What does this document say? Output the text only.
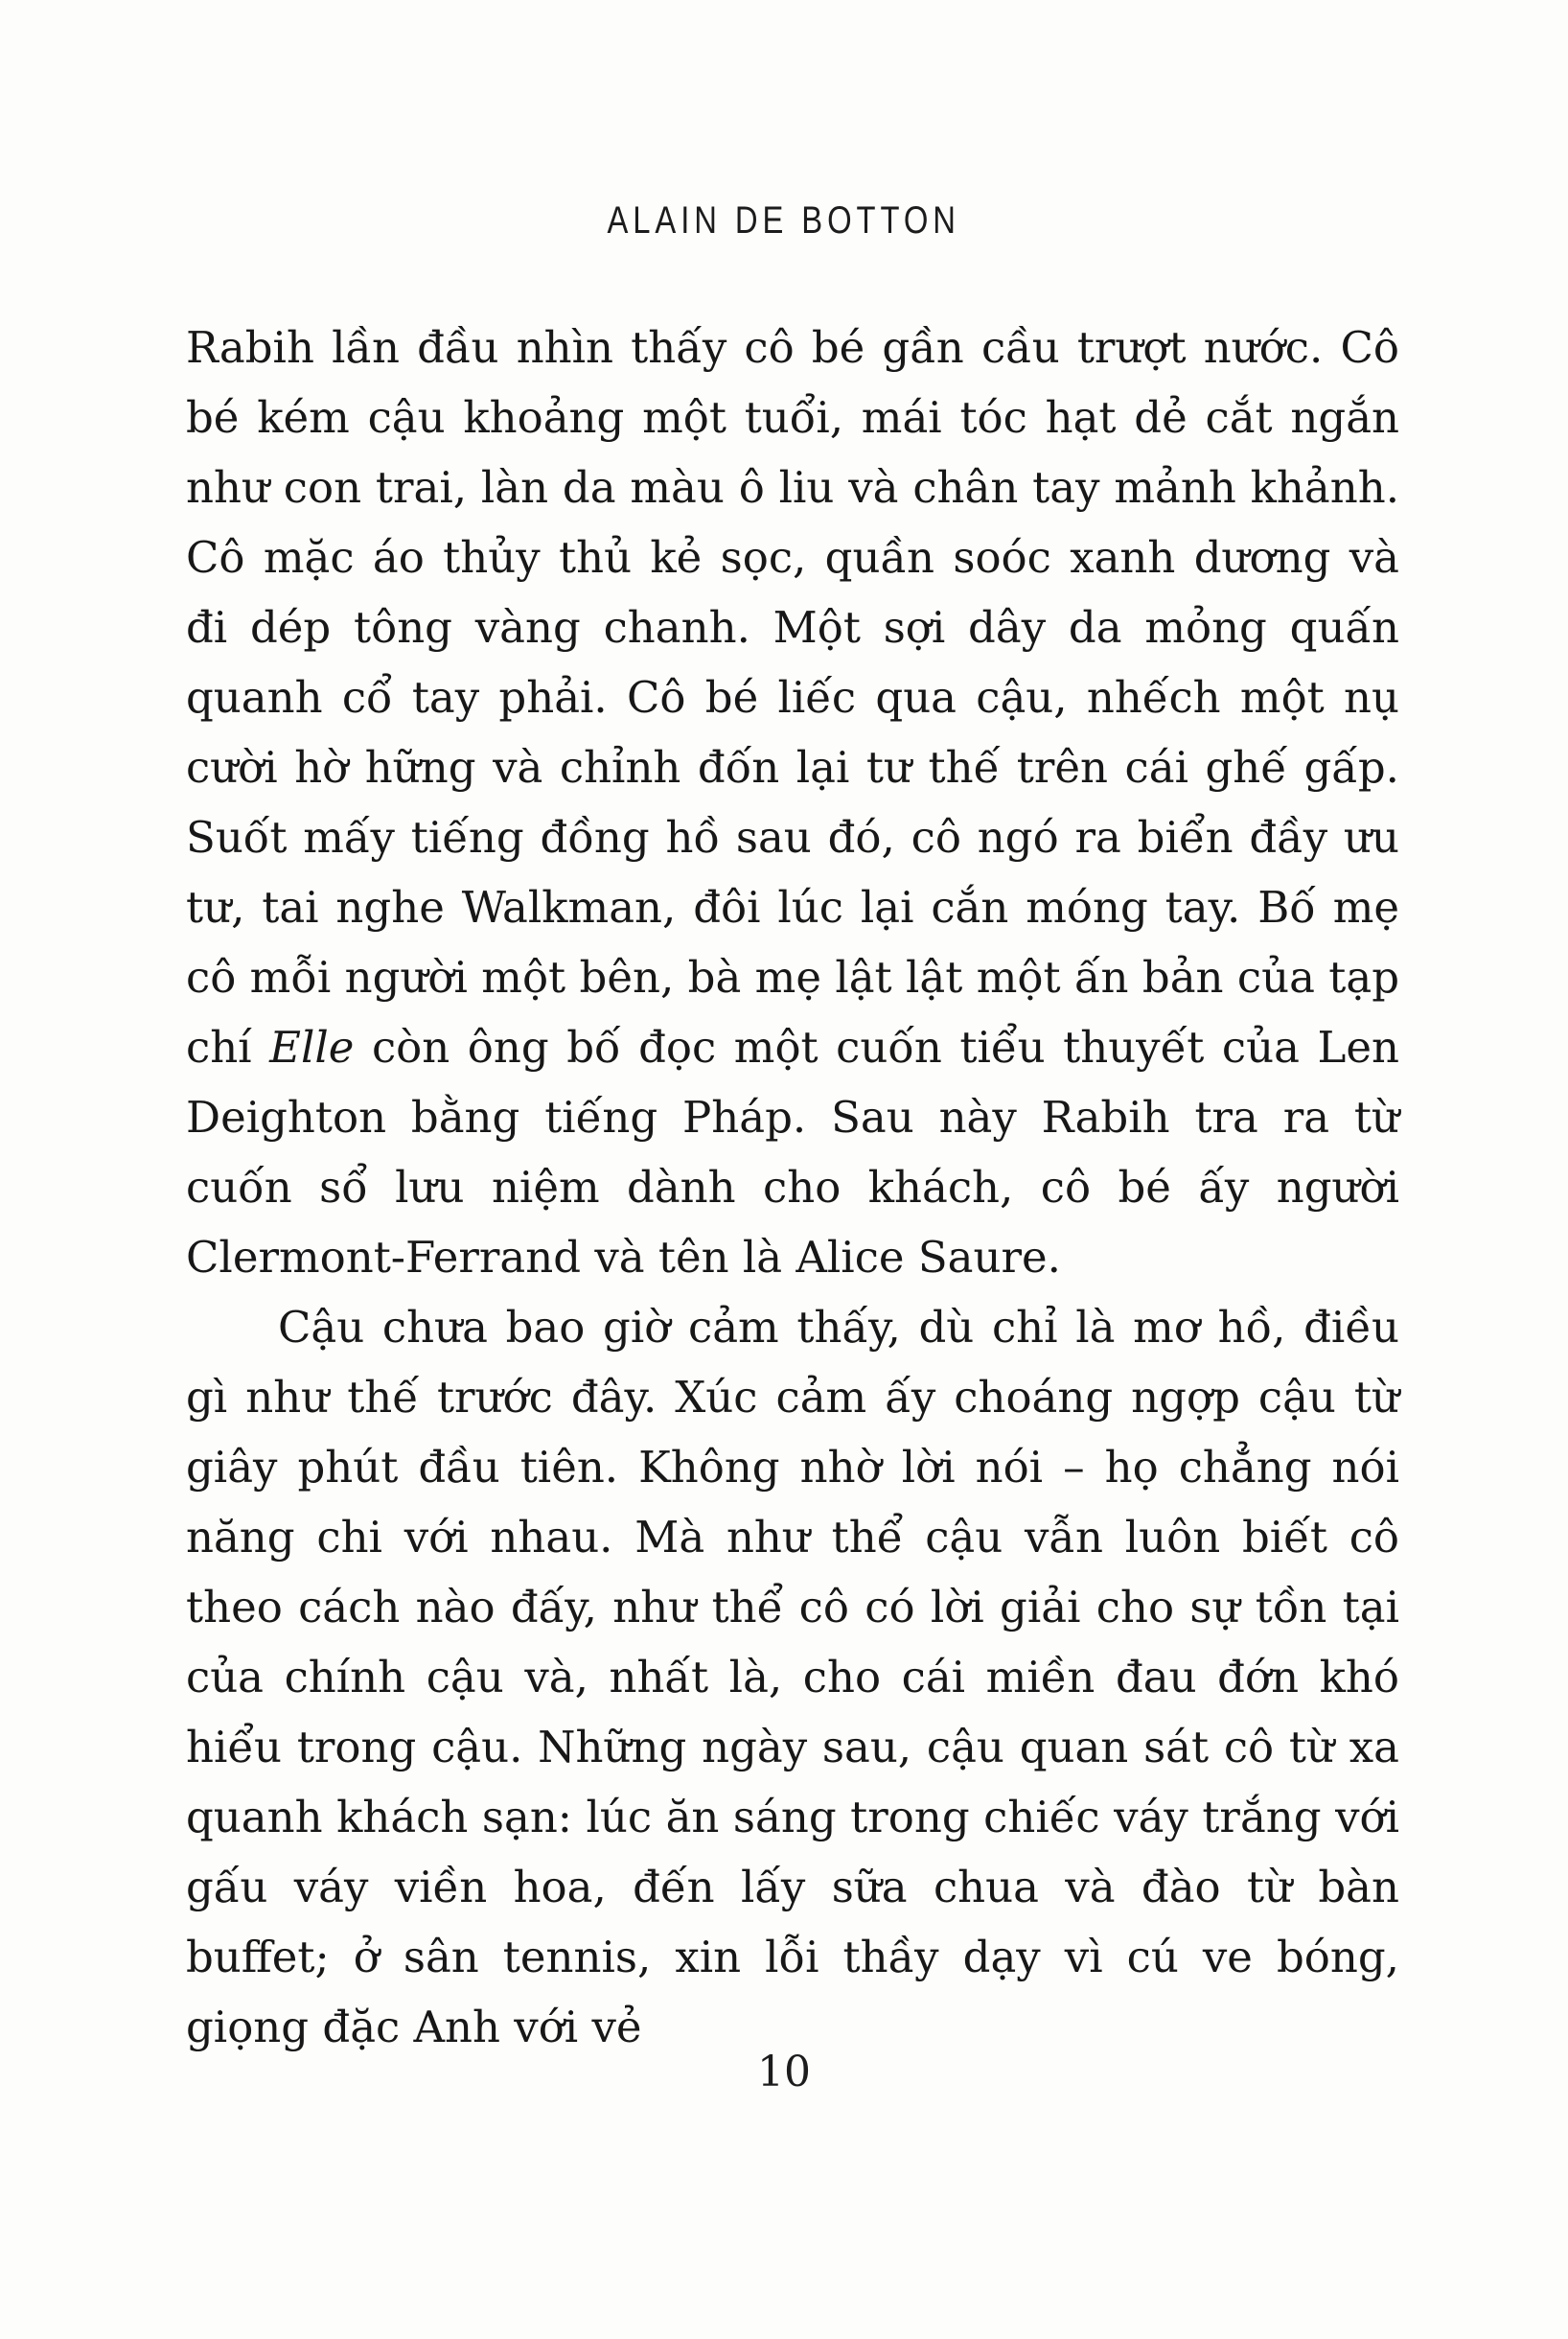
ALAIN DE BOTTON

Rabih lần đầu nhìn thấy cô bé gần cầu trượt nước. Cô bé kém cậu khoảng một tuổi, mái tóc hạt dẻ cắt ngắn như con trai, làn da màu ô liu và chân tay mảnh khảnh. Cô mặc áo thủy thủ kẻ sọc, quần soóc xanh dương và đi dép tông vàng chanh. Một sợi dây da mỏng quấn quanh cổ tay phải. Cô bé liếc qua cậu, nhếch một nụ cười hờ hững và chỉnh đốn lại tư thế trên cái ghế gấp. Suốt mấy tiếng đồng hồ sau đó, cô ngó ra biển đầy ưu tư, tai nghe Walkman, đôi lúc lại cắn móng tay. Bố mẹ cô mỗi người một bên, bà mẹ lật lật một ấn bản của tạp chí Elle còn ông bố đọc một cuốn tiểu thuyết của Len Deighton bằng tiếng Pháp. Sau này Rabih tra ra từ cuốn sổ lưu niệm dành cho khách, cô bé ấy người Clermont-Ferrand và tên là Alice Saure.

Cậu chưa bao giờ cảm thấy, dù chỉ là mơ hồ, điều gì như thế trước đây. Xúc cảm ấy choáng ngợp cậu từ giây phút đầu tiên. Không nhờ lời nói – họ chẳng nói năng chi với nhau. Mà như thể cậu vẫn luôn biết cô theo cách nào đấy, như thể cô có lời giải cho sự tồn tại của chính cậu và, nhất là, cho cái miền đau đớn khó hiểu trong cậu. Những ngày sau, cậu quan sát cô từ xa quanh khách sạn: lúc ăn sáng trong chiếc váy trắng với gấu váy viền hoa, đến lấy sữa chua và đào từ bàn buffet; ở sân tennis, xin lỗi thầy dạy vì cú ve bóng, giọng đặc Anh với vẻ

10
